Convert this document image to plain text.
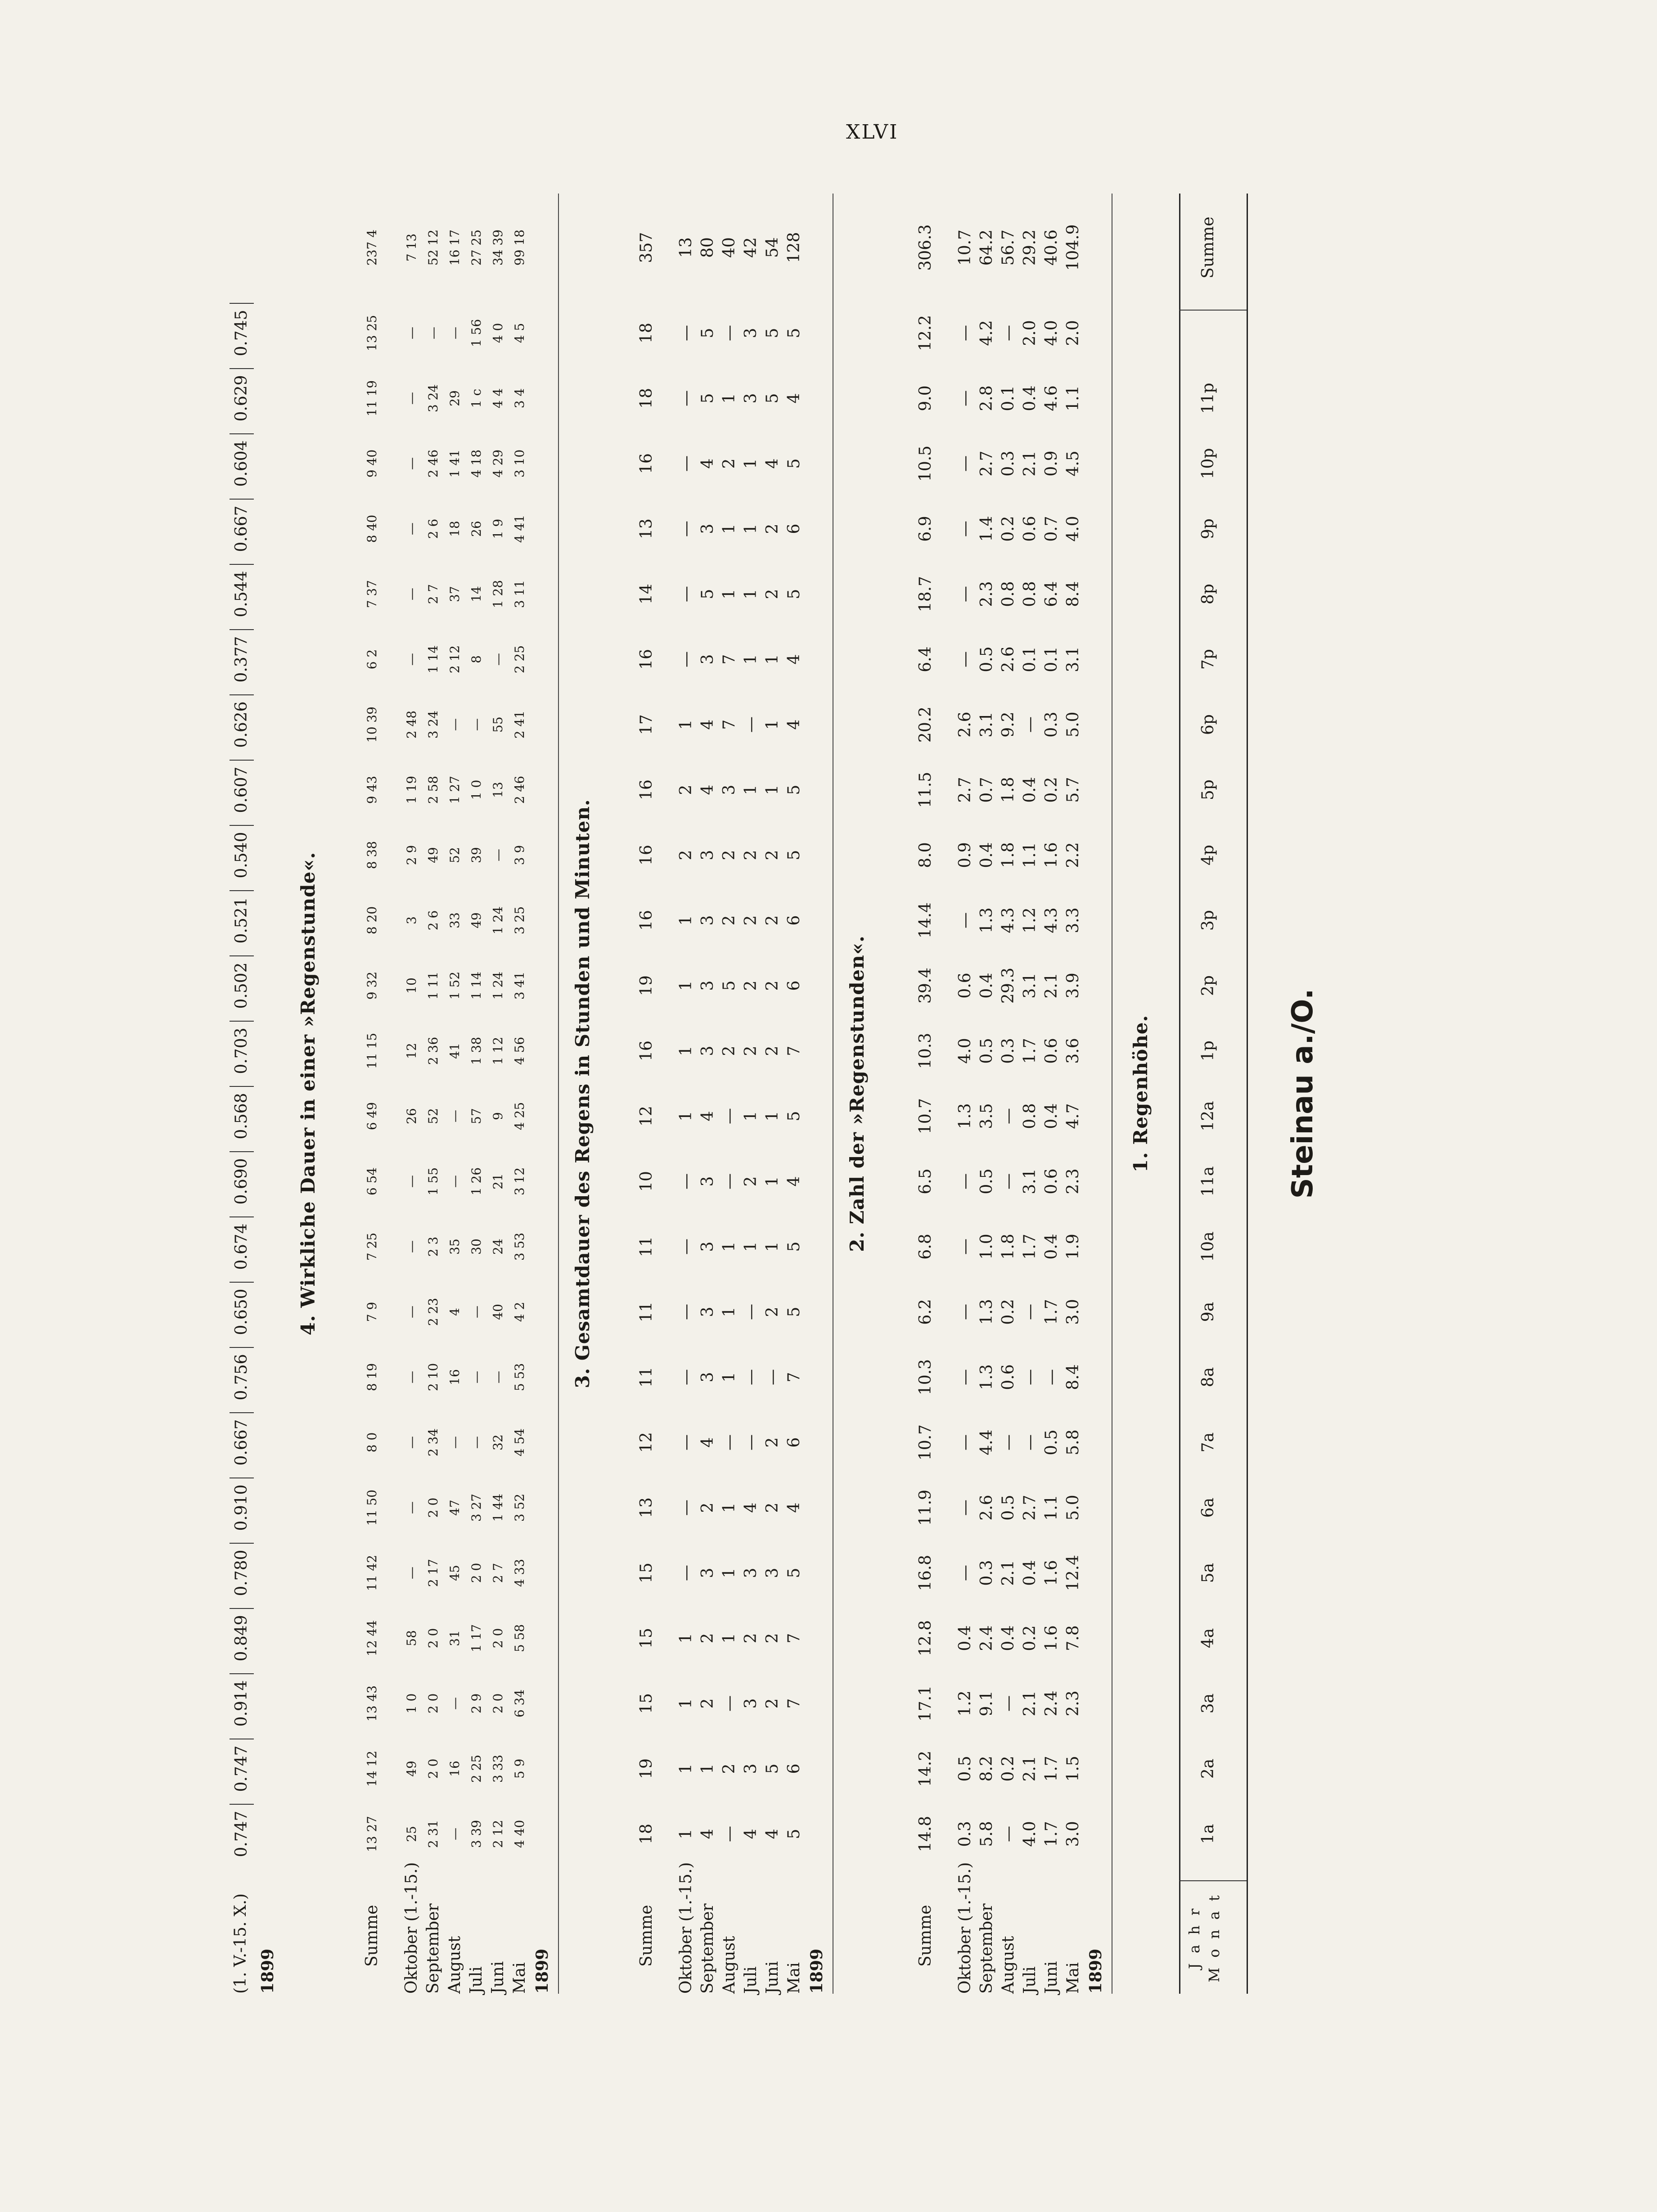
XLVI
Steinau a./O.
J a h r M o n a t
1a
2a
3a
4a
5a
6a
7a
8a
9a
10a
11a
12a
1p
2p
3p
4p
5p
6p
7p
8p
9p
10p
11p
Summe
1. Regenhöhe.
1899
Mai
3.0
1.5
2.3
7.8
12.4
5.0
5.8
8.4
3.0
1.9
2.3
4.7
3.6
3.9
3.3
2.2
5.7
5.0
3.1
8.4
4.0
4.5
1.1
2.0
104.9
Juni
1.7
1.7
2.4
1.6
1.6
1.1
0.5
—
1.7
0.4
0.6
0.4
0.6
2.1
4.3
1.6
0.2
0.3
0.1
6.4
0.7
0.9
4.6
4.0
40.6
Juli
4.0
2.1
2.1
0.2
0.4
2.7
—
—
—
1.7
3.1
0.8
1.7
3.1
1.2
1.1
0.4
—
0.1
0.8
0.6
2.1
0.4
2.0
29.2
August
—
0.2
—
0.4
2.1
0.5
—
0.6
0.2
1.8
—
—
0.3
29.3
4.3
1.8
1.8
9.2
2.6
0.8
0.2
0.3
0.1
—
56.7
September
5.8
8.2
9.1
2.4
0.3
2.6
4.4
1.3
1.3
1.0
0.5
3.5
0.5
0.4
1.3
0.4
0.7
3.1
0.5
2.3
1.4
2.7
2.8
4.2
64.2
Oktober (1.-15.)
0.3
0.5
1.2
0.4
—
—
—
—
—
—
—
1.3
4.0
0.6
—
0.9
2.7
2.6
—
—
—
—
—
—
10.7
Summe
14.8
14.2
17.1
12.8
16.8
11.9
10.7
10.3
6.2
6.8
6.5
10.7
10.3
39.4
14.4
8.0
11.5
20.2
6.4
18.7
6.9
10.5
9.0
12.2
306.3
2. Zahl der »Regenstunden«.
1899
Mai
5
6
7
7
5
4
6
7
5
5
4
5
7
6
6
5
5
4
4
5
6
5
4
5
128
Juni
4
5
2
2
3
2
2
—
2
1
1
1
2
2
2
2
1
1
1
2
2
4
5
5
54
Juli
4
3
3
2
3
4
—
—
—
1
2
1
2
2
2
2
1
—
1
1
1
1
3
3
42
August
—
2
—
1
1
1
—
1
1
1
—
—
2
5
2
2
3
7
7
1
1
2
1
—
40
September
4
1
2
2
3
2
4
3
3
3
3
4
3
3
3
3
4
4
3
5
3
4
5
5
80
Oktober (1.-15.)
1
1
1
1
—
—
—
—
—
—
—
1
1
1
1
2
2
1
—
—
—
—
—
—
13
Summe
18
19
15
15
15
13
12
11
11
11
10
12
16
19
16
16
16
17
16
14
13
16
18
18
357
3. Gesamtdauer des Regens in Stunden und Minuten.
1899
Mai
4 40
5 9
6 34
5 58
4 33
3 52
4 54
5 53
4 2
3 53
3 12
4 25
4 56
3 41
3 25
3 9
2 46
2 41
2 25
3 11
4 41
3 10
3 4
4 5
99 18
Juni
2 12
3 33
2 0
2 0
2 7
1 44
32
—
40
24
21
9
1 12
1 24
1 24
—
13
55
—
1 28
1 9
4 29
4 4
4 0
34 39
Juli
3 39
2 25
2 9
1 17
2 0
3 27
—
—
—
30
1 26
57
1 38
1 14
49
39
1 0
—
8
14
26
4 18
1 c
1 56
27 25
August
—
16
—
31
45
47
—
16
4
35
—
—
41
1 52
33
52
1 27
—
2 12
37
18
1 41
29
—
16 17
September
2 31
2 0
2 0
2 0
2 17
2 0
2 34
2 10
2 23
2 3
1 55
52
2 36
1 11
2 6
49
2 58
3 24
1 14
2 7
2 6
2 46
3 24
—
52 12
Oktober (1.-15.)
25
49
1 0
58
—
—
—
—
—
—
—
26
12
10
3
2 9
1 19
2 48
—
—
—
—
—
—
7 13
Summe
13 27
14 12
13 43
12 44
11 42
11 50
8 0
8 19
7 9
7 25
6 54
6 49
11 15
9 32
8 20
8 38
9 43
10 39
6 2
7 37
8 40
9 40
11 19
13 25
237 4
4. Wirkliche Dauer in einer »Regenstunde«.
1899
(1. V.-15. X.)
0.747
0.747
0.914
0.849
0.780
0.910
0.667
0.756
0.650
0.674
0.690
0.568
0.703
0.502
0.521
0.540
0.607
0.626
0.377
0.544
0.667
0.604
0.629
0.745
